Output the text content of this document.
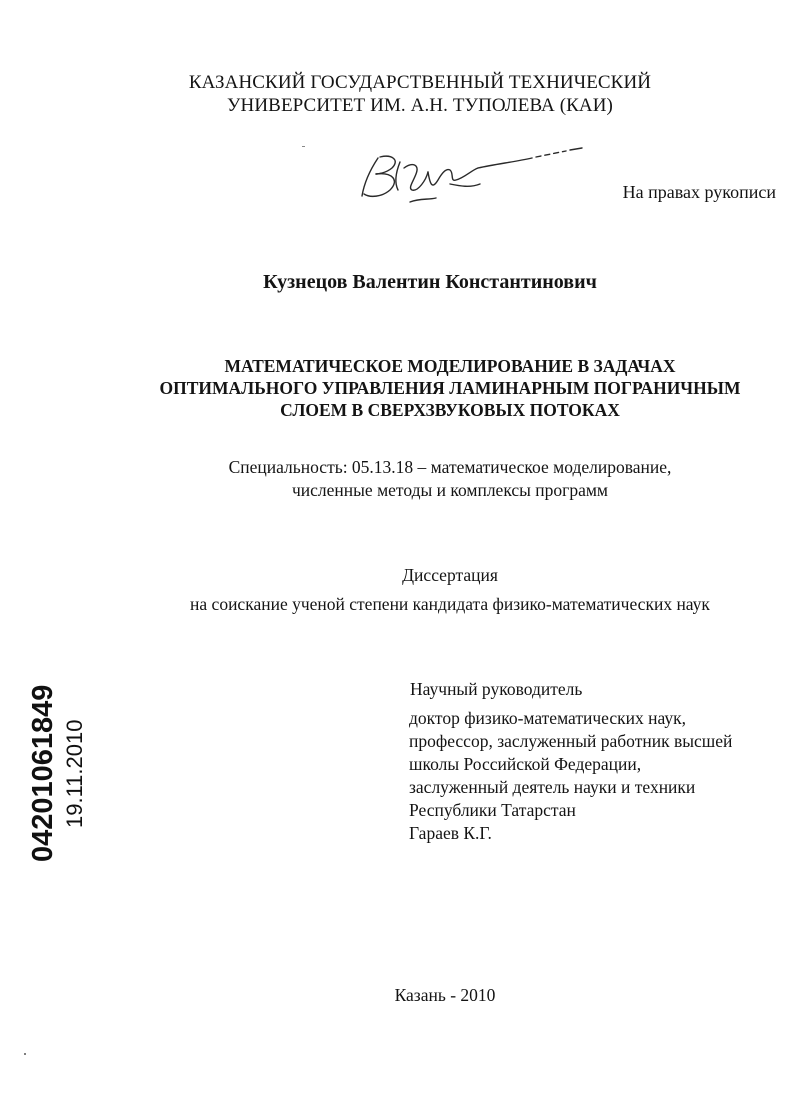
КАЗАНСКИЙ ГОСУДАРСТВЕННЫЙ ТЕХНИЧЕСКИЙ
УНИВЕРСИТЕТ ИМ. А.Н. ТУПОЛЕВА (КАИ)
На правах рукописи
Кузнецов Валентин Константинович
МАТЕМАТИЧЕСКОЕ МОДЕЛИРОВАНИЕ В ЗАДАЧАХ
ОПТИМАЛЬНОГО УПРАВЛЕНИЯ ЛАМИНАРНЫМ ПОГРАНИЧНЫМ
СЛОЕМ В СВЕРХЗВУКОВЫХ ПОТОКАХ
Специальность: 05.13.18 – математическое моделирование,
численные методы и комплексы программ
Диссертация
на соискание ученой степени кандидата физико-математических наук
Научный руководитель
доктор физико-математических наук,
профессор, заслуженный работник высшей
школы Российской Федерации,
заслуженный деятель науки и техники
Республики Татарстан
Гараев К.Г.
04201061849 19.11.2010
Казань - 2010
